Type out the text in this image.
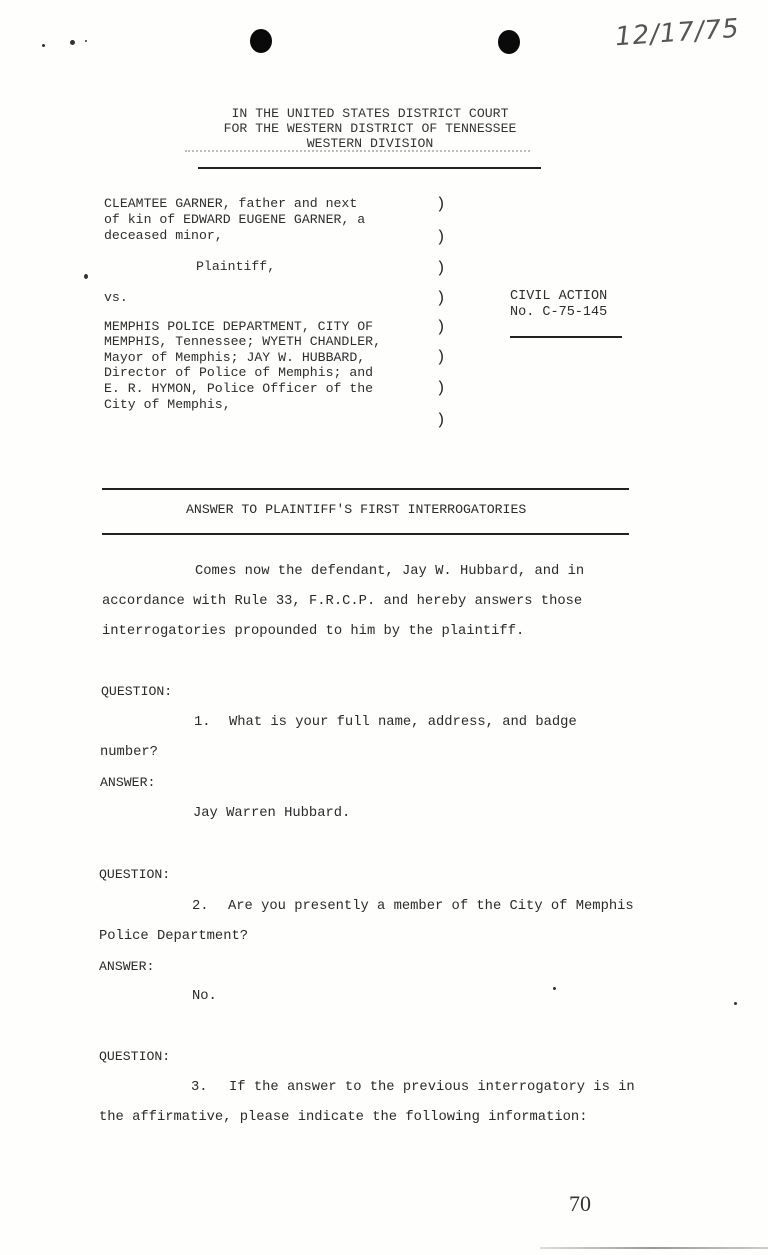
12/17/75
IN THE UNITED STATES DISTRICT COURT
FOR THE WESTERN DISTRICT OF TENNESSEE
WESTERN DIVISION
CLEAMTEE GARNER, father and next
of kin of EDWARD EUGENE GARNER, a
deceased minor,
Plaintiff,
vs.
MEMPHIS POLICE DEPARTMENT, CITY OF
MEMPHIS, Tennessee; WYETH CHANDLER,
Mayor of Memphis; JAY W. HUBBARD,
Director of Police of Memphis; and
E. R. HYMON, Police Officer of the
City of Memphis,
)
)
)
)
)
)
)
)
CIVIL ACTION
No. C-75-145
ANSWER TO PLAINTIFF'S FIRST INTERROGATORIES
Comes now the defendant, Jay W. Hubbard, and in
accordance with Rule 33, F.R.C.P. and hereby answers those
interrogatories propounded to him by the plaintiff.
QUESTION:
1. What is your full name, address, and badge
number?
ANSWER:
Jay Warren Hubbard.
QUESTION:
2. Are you presently a member of the City of Memphis
Police Department?
ANSWER:
No.
QUESTION:
3. If the answer to the previous interrogatory is in
the affirmative, please indicate the following information:
70
